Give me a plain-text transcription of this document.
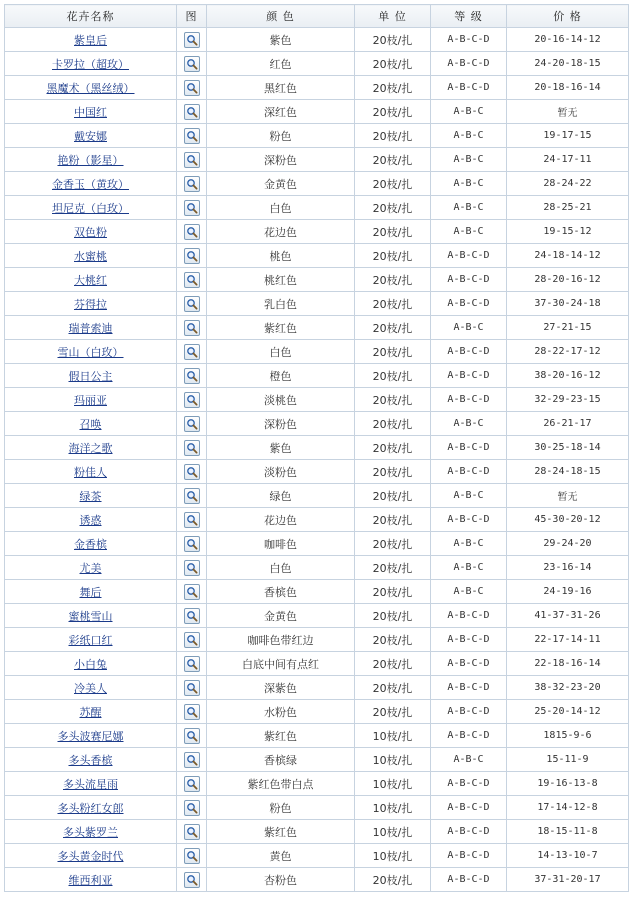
花卉名称	图	颜 色	单 位	等 级	价 格
紫皇后		紫色	20枝/扎	A-B-C-D	20-16-14-12
卡罗拉（超玫）		红色	20枝/扎	A-B-C-D	24-20-18-15
黑魔术（黑丝绒）		黑红色	20枝/扎	A-B-C-D	20-18-16-14
中国红		深红色	20枝/扎	A-B-C	暂无
戴安娜		粉色	20枝/扎	A-B-C	19-17-15
艳粉（影星）		深粉色	20枝/扎	A-B-C	24-17-11
金香玉（黄玫）		金黄色	20枝/扎	A-B-C	28-24-22
坦尼克（白玫）		白色	20枝/扎	A-B-C	28-25-21
双色粉		花边色	20枝/扎	A-B-C	19-15-12
水蜜桃		桃色	20枝/扎	A-B-C-D	24-18-14-12
大桃红		桃红色	20枝/扎	A-B-C-D	28-20-16-12
芬得拉		乳白色	20枝/扎	A-B-C-D	37-30-24-18
瑞普索迪		紫红色	20枝/扎	A-B-C	27-21-15
雪山（白玫）		白色	20枝/扎	A-B-C-D	28-22-17-12
假日公主		橙色	20枝/扎	A-B-C-D	38-20-16-12
玛丽亚		淡桃色	20枝/扎	A-B-C-D	32-29-23-15
召唤		深粉色	20枝/扎	A-B-C	26-21-17
海洋之歌		紫色	20枝/扎	A-B-C-D	30-25-18-14
粉佳人		淡粉色	20枝/扎	A-B-C-D	28-24-18-15
绿茶		绿色	20枝/扎	A-B-C	暂无
诱惑		花边色	20枝/扎	A-B-C-D	45-30-20-12
金香槟		咖啡色	20枝/扎	A-B-C	29-24-20
尤美		白色	20枝/扎	A-B-C	23-16-14
舞后		香槟色	20枝/扎	A-B-C	24-19-16
蜜桃雪山		金黄色	20枝/扎	A-B-C-D	41-37-31-26
彩纸口红		咖啡色带红边	20枝/扎	A-B-C-D	22-17-14-11
小白兔		白底中间有点红	20枝/扎	A-B-C-D	22-18-16-14
冷美人		深紫色	20枝/扎	A-B-C-D	38-32-23-20
苏醒		水粉色	20枝/扎	A-B-C-D	25-20-14-12
多头波赛尼娜		紫红色	10枝/扎	A-B-C-D	1815-9-6
多头香槟		香槟绿	10枝/扎	A-B-C	15-11-9
多头流星雨		紫红色带白点	10枝/扎	A-B-C-D	19-16-13-8
多头粉红女郎		粉色	10枝/扎	A-B-C-D	17-14-12-8
多头紫罗兰		紫红色	10枝/扎	A-B-C-D	18-15-11-8
多头黄金时代		黄色	10枝/扎	A-B-C-D	14-13-10-7
维西利亚		杏粉色	20枝/扎	A-B-C-D	37-31-20-17
